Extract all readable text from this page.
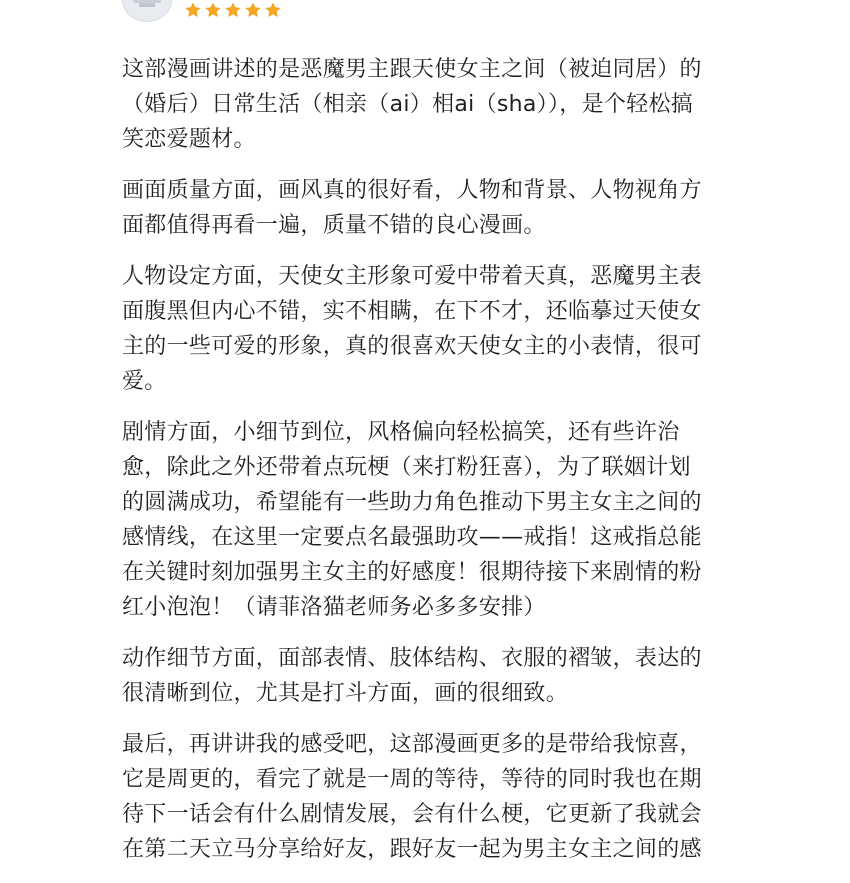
这部漫画讲述的是恶魔男主跟天使女主之间（被迫同居）的
（婚后）日常生活（相亲（ai）相ai（sha）），是个轻松搞
笑恋爱题材。

画面质量方面，画风真的很好看，人物和背景、人物视角方
面都值得再看一遍，质量不错的良心漫画。

人物设定方面，天使女主形象可爱中带着天真，恶魔男主表
面腹黑但内心不错，实不相瞒，在下不才，还临摹过天使女
主的一些可爱的形象，真的很喜欢天使女主的小表情，很可
爱。

剧情方面，小细节到位，风格偏向轻松搞笑，还有些许治
愈，除此之外还带着点玩梗（来打粉狂喜），为了联姻计划
的圆满成功，希望能有一些助力角色推动下男主女主之间的
感情线，在这里一定要点名最强助攻——戒指！这戒指总能
在关键时刻加强男主女主的好感度！很期待接下来剧情的粉
红小泡泡！（请菲洛猫老师务必多多安排）

动作细节方面，面部表情、肢体结构、衣服的褶皱，表达的
很清晰到位，尤其是打斗方面，画的很细致。

最后，再讲讲我的感受吧，这部漫画更多的是带给我惊喜，
它是周更的，看完了就是一周的等待，等待的同时我也在期
待下一话会有什么剧情发展，会有什么梗，它更新了我就会
在第二天立马分享给好友，跟好友一起为男主女主之间的感
